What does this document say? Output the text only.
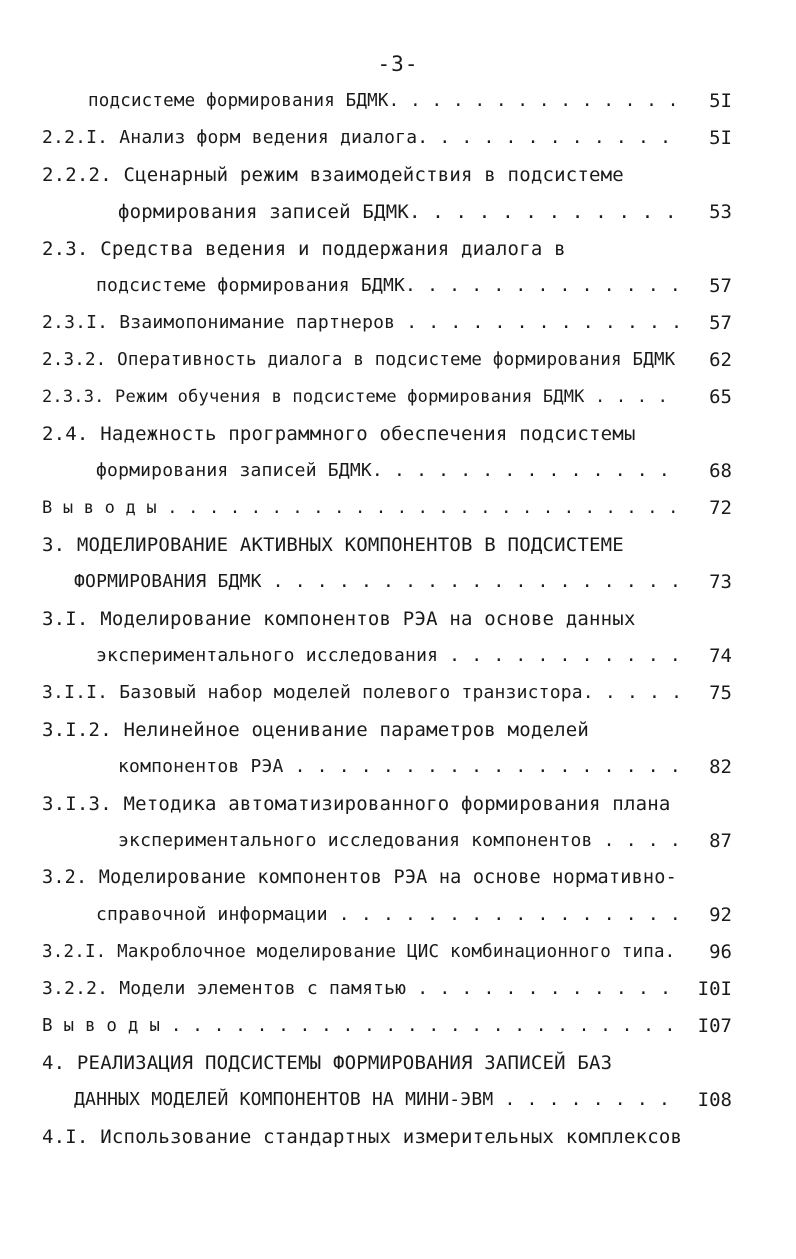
-3-
подсистеме формирования БДМК. . . . . . . . . . . . . . 5I
2.2.I. Анализ форм ведения диалога. . . . . . . . . . . . 5I
2.2.2. Сценарный режим взаимодействия в подсистеме
формирования записей БДМК. . . . . . . . . . . . 53
2.3. Средства ведения и поддержания диалога в
подсистеме формирования БДМК. . . . . . . . . . . . . 57
2.3.I. Взаимопонимание партнеров . . . . . . . . . . . . . 57
2.3.2. Оперативность диалога в подсистеме формирования БДМК 62
2.3.3. Режим обучения в подсистеме формирования БДМК . . . . 65
2.4. Надежность программного обеспечения подсистемы
формирования записей БДМК. . . . . . . . . . . . . . 68
В ы в о д ы . . . . . . . . . . . . . . . . . . . . . . . . . 72
3. МОДЕЛИРОВАНИЕ АКТИВНЫХ КОМПОНЕНТОВ В ПОДСИСТЕМЕ
ФОРМИРОВАНИЯ БДМК . . . . . . . . . . . . . . . . . . . 73
3.I. Моделирование компонентов РЭА на основе данных
экспериментального исследования . . . . . . . . . . . 74
3.I.I. Базовый набор моделей полевого транзистора. . . . . 75
3.I.2. Нелинейное оценивание параметров моделей
компонентов РЭА . . . . . . . . . . . . . . . . . . 82
3.I.3. Методика автоматизированного формирования плана
экспериментального исследования компонентов . . . . 87
3.2. Моделирование компонентов РЭА на основе нормативно-
справочной информации . . . . . . . . . . . . . . . . 92
3.2.I. Макроблочное моделирование ЦИС комбинационного типа. 96
3.2.2. Модели элементов с памятью . . . . . . . . . . . . I0I
В ы в о д ы . . . . . . . . . . . . . . . . . . . . . . . . I07
4. РЕАЛИЗАЦИЯ ПОДСИСТЕМЫ ФОРМИРОВАНИЯ ЗАПИСЕЙ БАЗ
ДАННЫХ МОДЕЛЕЙ КОМПОНЕНТОВ НА МИНИ-ЭВМ . . . . . . . . I08
4.I. Использование стандартных измерительных комплексов
